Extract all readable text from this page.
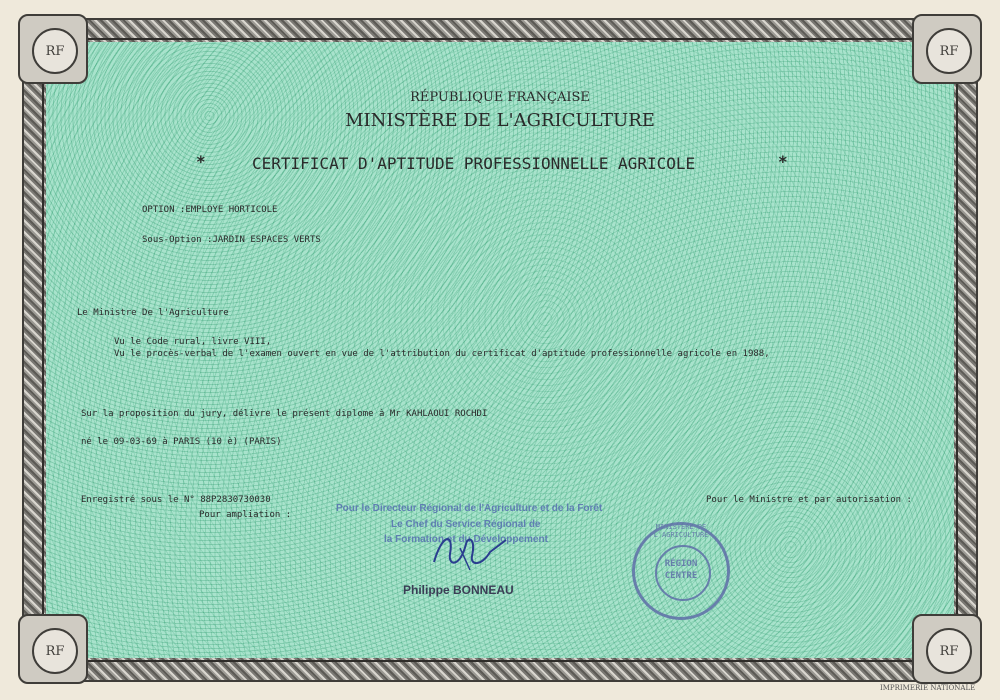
RF	RF
RF	RF
RÉPUBLIQUE FRANÇAISE
MINISTÈRE DE L'AGRICULTURE
*	CERTIFICAT D'APTITUDE PROFESSIONNELLE AGRICOLE	*
OPTION :EMPLOYE HORTICOLE
Sous-Option :JARDIN ESPACES VERTS
Le Ministre De l'Agriculture
Vu le Code rural, livre VIII,
Vu le procès-verbal de l'examen ouvert en vue de l'attribution du certificat d'aptitude professionnelle agricole en 1988,
Sur la proposition du jury, délivre le présent diplome à Mr KAHLAOUI ROCHDI
né le 09-03-69 à PARIS (10 è) (PARIS)
Enregistré sous le N° 88P2830730030
Pour ampliation :
Pour le Ministre et par autorisation :
Pour le Directeur Régional de l'Agriculture et de la Forêt
Le Chef du Service Régional de
la Formation et du Développement
Philippe BONNEAU
MINISTÈRE DE L'AGRICULTURE
RÉGION
CENTRE
IMPRIMERIE NATIONALE
